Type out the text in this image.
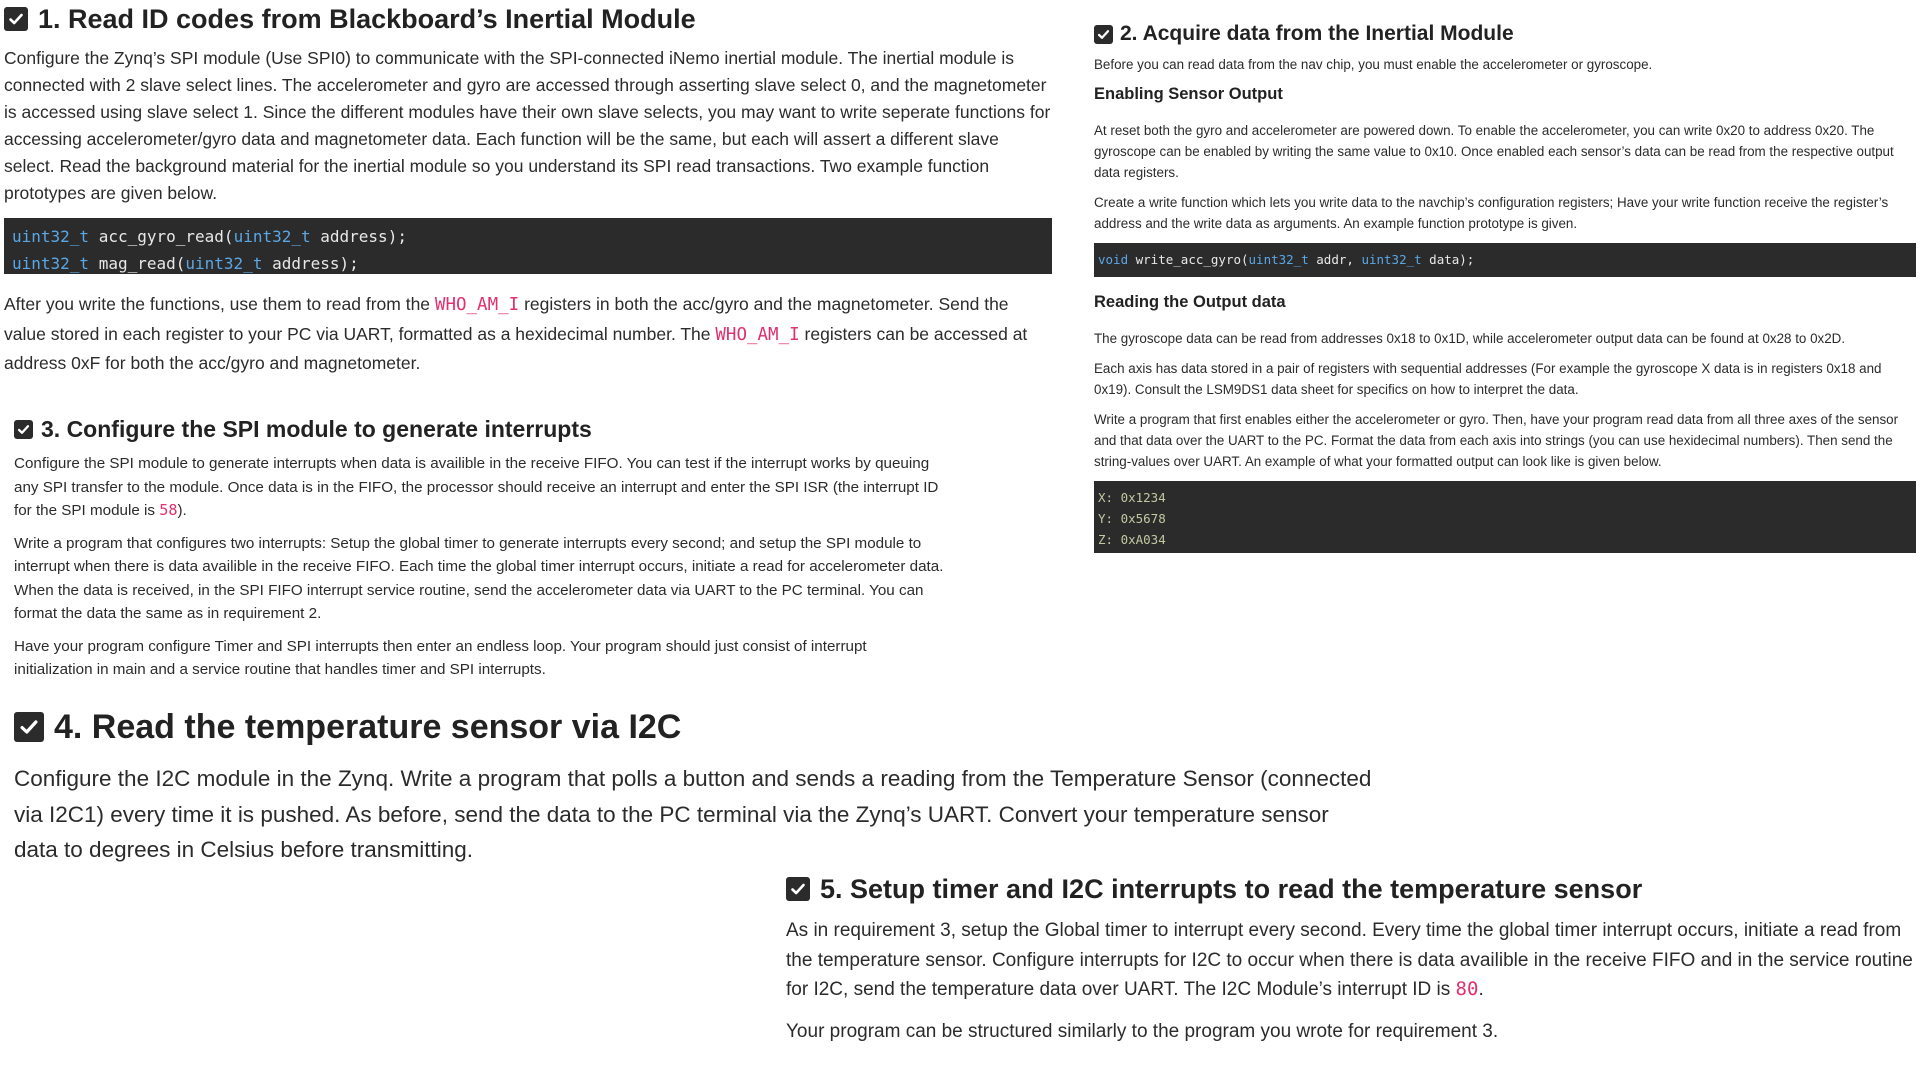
1. Read ID codes from Blackboard’s Inertial Module

Configure the Zynq’s SPI module (Use SPI0) to communicate with the SPI-connected iNemo inertial module. The inertial module is connected with 2 slave select lines. The accelerometer and gyro are accessed through asserting slave select 0, and the magnetometer is accessed using slave select 1. Since the different modules have their own slave selects, you may want to write seperate functions for accessing accelerometer/gyro data and magnetometer data. Each function will be the same, but each will assert a different slave select. Read the background material for the inertial module so you understand its SPI read transactions. Two example function prototypes are given below.

uint32_t acc_gyro_read(uint32_t address);
uint32_t mag_read(uint32_t address);

After you write the functions, use them to read from the WHO_AM_I registers in both the acc/gyro and the magnetometer. Send the value stored in each register to your PC via UART, formatted as a hexidecimal number. The WHO_AM_I registers can be accessed at address 0xF for both the acc/gyro and magnetometer.

2. Acquire data from the Inertial Module

Before you can read data from the nav chip, you must enable the accelerometer or gyroscope.

Enabling Sensor Output

At reset both the gyro and accelerometer are powered down. To enable the accelerometer, you can write 0x20 to address 0x20. The gyroscope can be enabled by writing the same value to 0x10. Once enabled each sensor’s data can be read from the respective output data registers.

Create a write function which lets you write data to the navchip’s configuration registers; Have your write function receive the register’s address and the write data as arguments. An example function prototype is given.

void write_acc_gyro(uint32_t addr, uint32_t data);
Reading the Output data

The gyroscope data can be read from addresses 0x18 to 0x1D, while accelerometer output data can be found at 0x28 to 0x2D.

Each axis has data stored in a pair of registers with sequential addresses (For example the gyroscope X data is in registers 0x18 and 0x19). Consult the LSM9DS1 data sheet for specifics on how to interpret the data.

Write a program that first enables either the accelerometer or gyro. Then, have your program read data from all three axes of the sensor and that data over the UART to the PC. Format the data from each axis into strings (you can use hexidecimal numbers). Then send the string-values over UART. An example of what your formatted output can look like is given below.

X: 0x1234
Y: 0x5678
Z: 0xA034
3. Configure the SPI module to generate interrupts

Configure the SPI module to generate interrupts when data is availible in the receive FIFO. You can test if the interrupt works by queuing any SPI transfer to the module. Once data is in the FIFO, the processor should receive an interrupt and enter the SPI ISR (the interrupt ID for the SPI module is 58).

Write a program that configures two interrupts: Setup the global timer to generate interrupts every second; and setup the SPI module to interrupt when there is data availible in the receive FIFO. Each time the global timer interrupt occurs, initiate a read for accelerometer data. When the data is received, in the SPI FIFO interrupt service routine, send the accelerometer data via UART to the PC terminal. You can format the data the same as in requirement 2.

Have your program configure Timer and SPI interrupts then enter an endless loop. Your program should just consist of interrupt initialization in main and a service routine that handles timer and SPI interrupts.

4. Read the temperature sensor via I2C

Configure the I2C module in the Zynq. Write a program that polls a button and sends a reading from the Temperature Sensor (connected via I2C1) every time it is pushed. As before, send the data to the PC terminal via the Zynq’s UART. Convert your temperature sensor data to degrees in Celsius before transmitting.

5. Setup timer and I2C interrupts to read the temperature sensor

As in requirement 3, setup the Global timer to interrupt every second. Every time the global timer interrupt occurs, initiate a read from the temperature sensor. Configure interrupts for I2C to occur when there is data availible in the receive FIFO and in the service routine for I2C, send the temperature data over UART. The I2C Module’s interrupt ID is 80.

Your program can be structured similarly to the program you wrote for requirement 3.
